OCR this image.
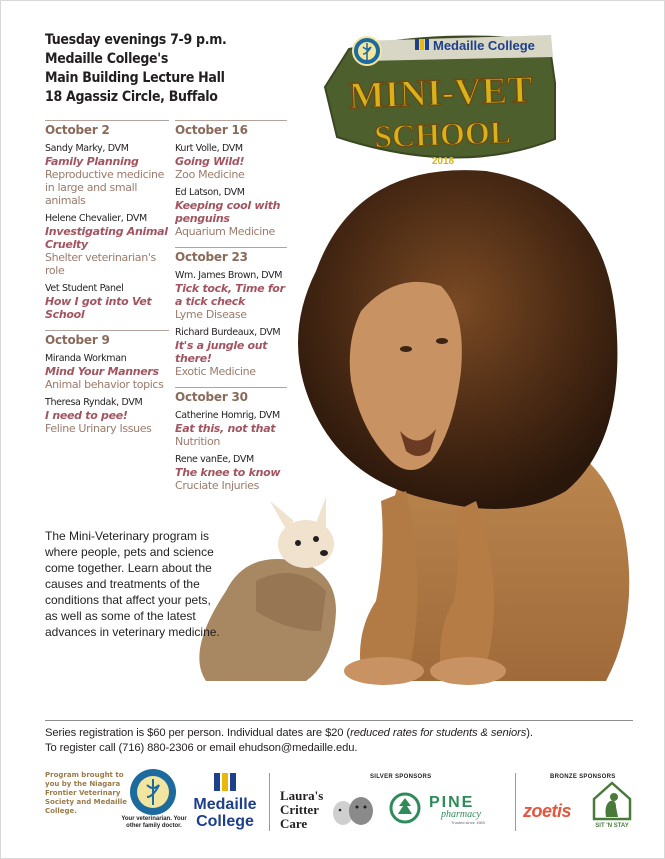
Tuesday evenings 7-9 p.m.
Medaille College's
Main Building Lecture Hall
18 Agassiz Circle, Buffalo
Medaille College
MINI-VET
SCHOOL
2018
October 2
Sandy Marky, DVM
Family Planning
Reproductive medicine in large and small animals
Helene Chevalier, DVM
Investigating Animal Cruelty
Shelter veterinarian's role
Vet Student Panel
How I got into Vet School
October 9
Miranda Workman
Mind Your Manners
Animal behavior topics
Theresa Ryndak, DVM
I need to pee!
Feline Urinary Issues
October 16
Kurt Volle, DVM
Going Wild!
Zoo Medicine
Ed Latson, DVM
Keeping cool with penguins
Aquarium Medicine
October 23
Wm. James Brown, DVM
Tick tock, Time for a tick check
Lyme Disease
Richard Burdeaux, DVM
It's a jungle out there!
Exotic Medicine
October 30
Catherine Homrig, DVM
Eat this, not that
Nutrition
Rene vanEe, DVM
The knee to know
Cruciate Injuries
The Mini-Veterinary program is where people, pets and science come together. Learn about the causes and treatments of the conditions that affect your pets, as well as some of the latest advances in veterinary medicine.
Series registration is $60 per person. Individual dates are $20 (reduced rates for students & seniors).
To register call (716) 880-2306 or email ehudson@medaille.edu.
Program brought to you by the Niagara Frontier Veterinary Society and Medaille College.
Your veterinarian. Your other family doctor.
Medaille
College
SILVER SPONSORS	BRONZE SPONSORS
Laura's
Critter
Care
PINE
pharmacy
Trusted since 1983
zoetis
SIT 'N STAY
